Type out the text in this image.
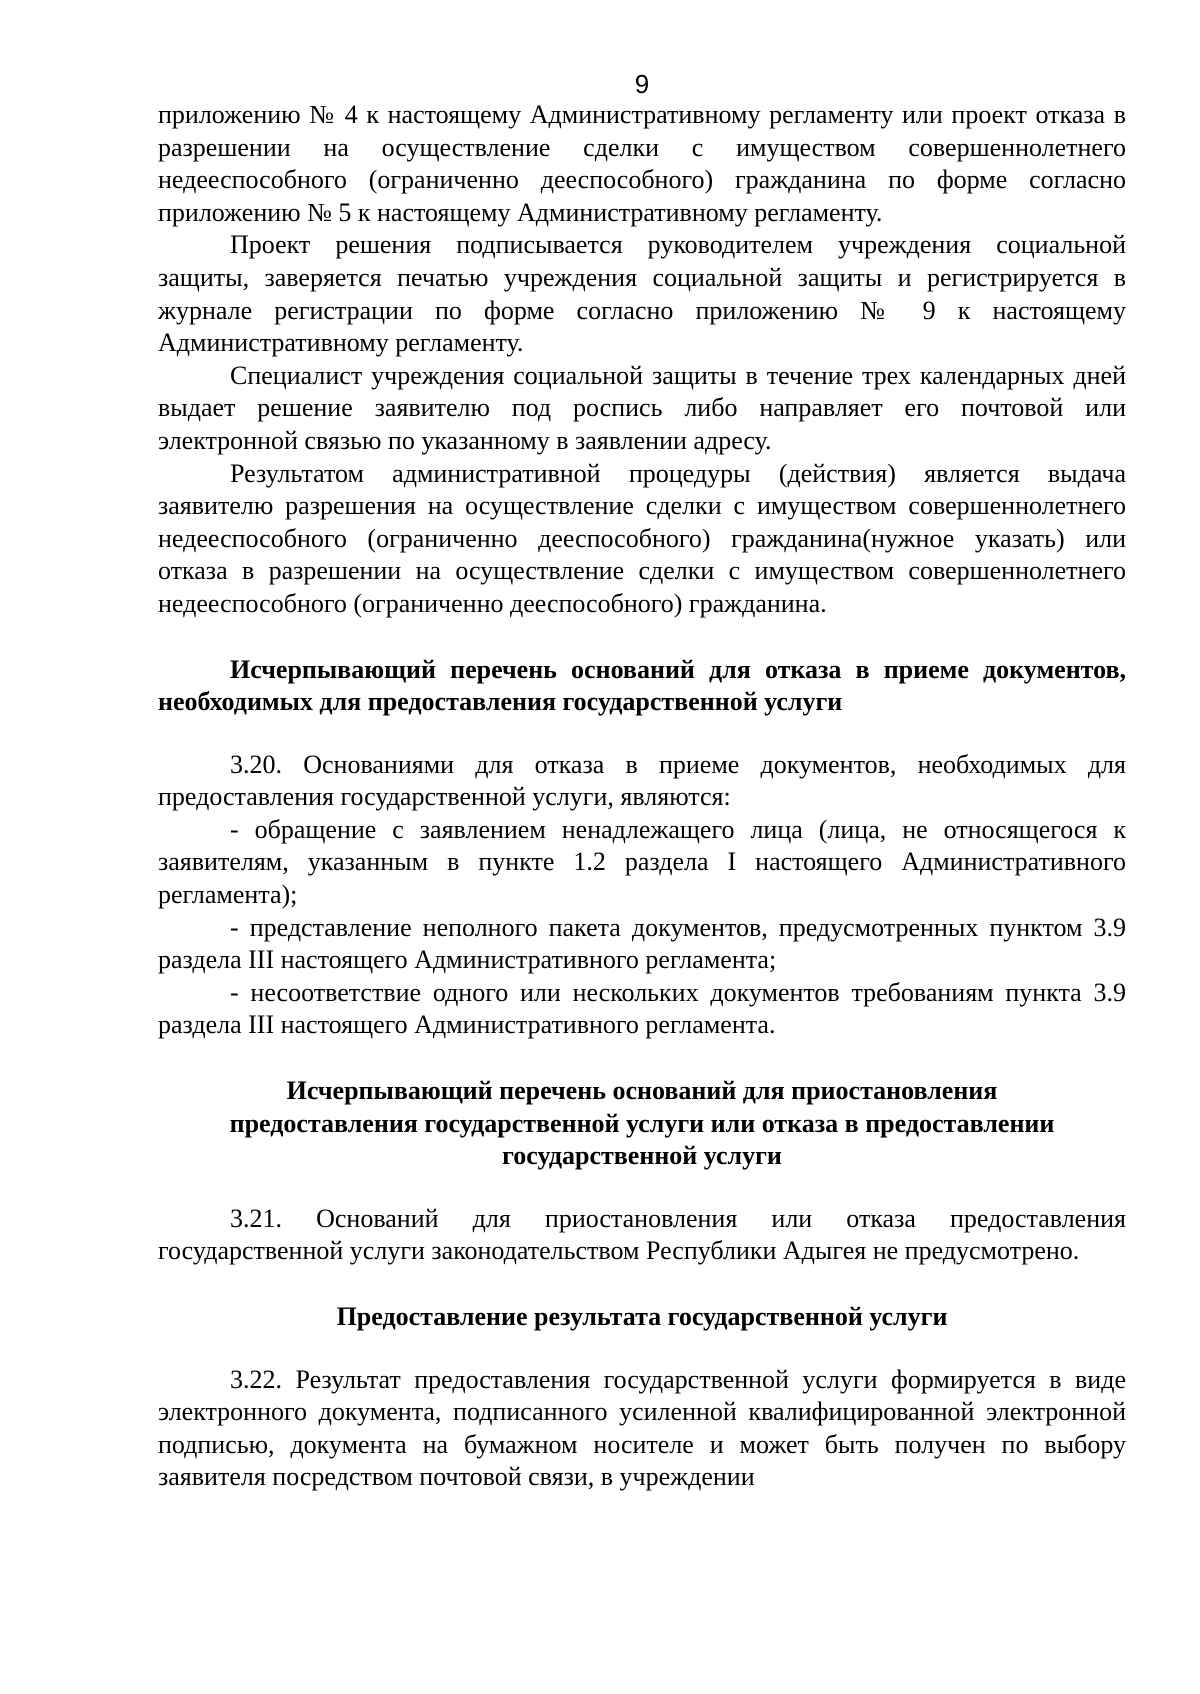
9

приложению № 4 к настоящему Административному регламенту или проект отказа в разрешении на осуществление сделки с имуществом совершеннолетнего недееспособного (ограниченно дееспособного) гражданина по форме согласно приложению № 5 к настоящему Административному регламенту.

Проект решения подписывается руководителем учреждения социальной защиты, заверяется печатью учреждения социальной защиты и регистрируется в журнале регистрации по форме согласно приложению № 9 к настоящему Административному регламенту.

Специалист учреждения социальной защиты в течение трех календарных дней выдает решение заявителю под роспись либо направляет его почтовой или электронной связью по указанному в заявлении адресу.

Результатом административной процедуры (действия) является выдача заявителю разрешения на осуществление сделки с имуществом совершеннолетнего недееспособного (ограниченно дееспособного) гражданина(нужное указать) или отказа в разрешении на осуществление сделки с имуществом совершеннолетнего недееспособного (ограниченно дееспособного) гражданина.

Исчерпывающий перечень оснований для отказа в приеме документов, необходимых для предоставления государственной услуги

3.20. Основаниями для отказа в приеме документов, необходимых для предоставления государственной услуги, являются:

- обращение с заявлением ненадлежащего лица (лица, не относящегося к заявителям, указанным в пункте 1.2 раздела I настоящего Административного регламента);

- представление неполного пакета документов, предусмотренных пунктом 3.9 раздела III настоящего Административного регламента;

- несоответствие одного или нескольких документов требованиям пункта 3.9 раздела III настоящего Административного регламента.

Исчерпывающий перечень оснований для приостановления
предоставления государственной услуги или отказа в предоставлении
государственной услуги

3.21. Оснований для приостановления или отказа предоставления государственной услуги законодательством Республики Адыгея не предусмотрено.

Предоставление результата государственной услуги

3.22. Результат предоставления государственной услуги формируется в виде электронного документа, подписанного усиленной квалифицированной электронной подписью, документа на бумажном носителе и может быть получен по выбору заявителя посредством почтовой связи, в учреждении
